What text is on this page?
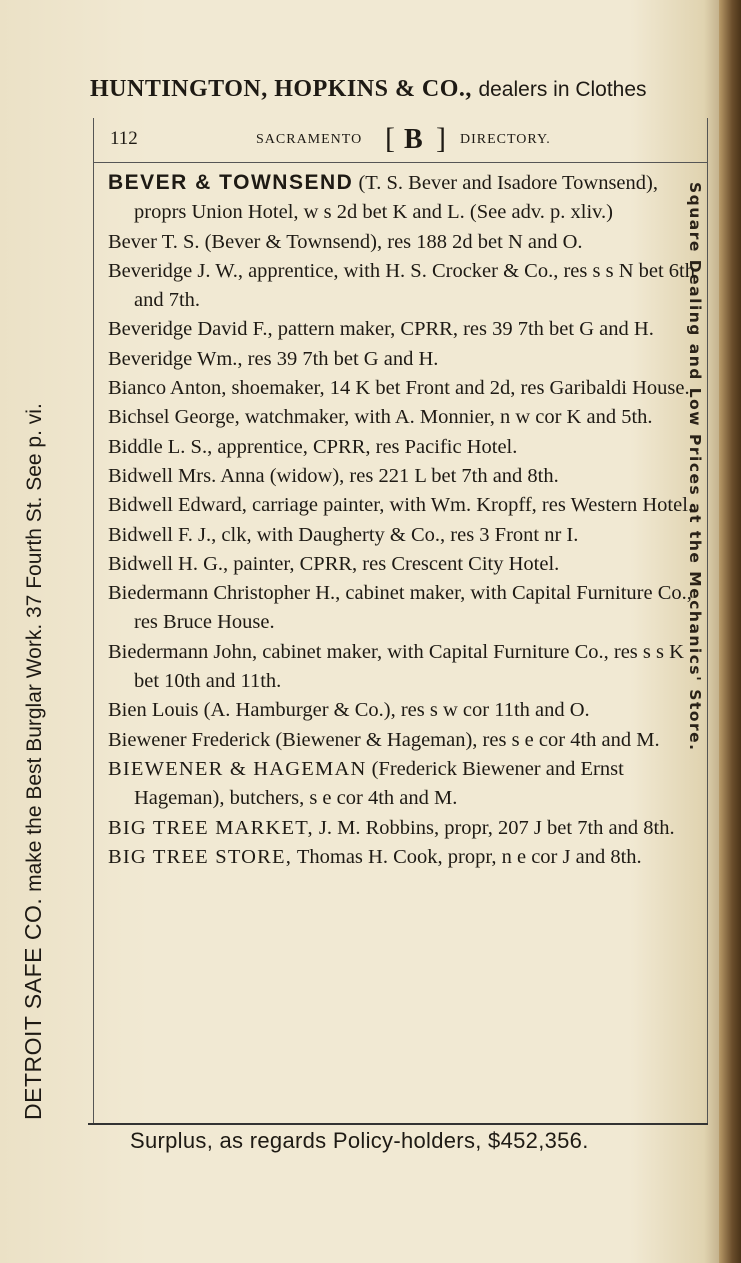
HUNTINGTON, HOPKINS & CO., dealers in Clothes
DETROIT SAFE CO. make the Best Burglar Work. 37 Fourth St. See p. vi.	Square Dealing and Low Prices at the Mechanics' Store.
112	SACRAMENTO [ B ] DIRECTORY.

BEVER & TOWNSEND (T. S. Bever and Isadore Townsend), proprs Union Hotel, w s 2d bet K and L. (See adv. p. xliv.)

Bever T. S. (Bever & Townsend), res 188 2d bet N and O.

Beveridge J. W., apprentice, with H. S. Crocker & Co., res s s N bet 6th and 7th.

Beveridge David F., pattern maker, CPRR, res 39 7th bet G and H.

Beveridge Wm., res 39 7th bet G and H.

Bianco Anton, shoemaker, 14 K bet Front and 2d, res Garibaldi House.

Bichsel George, watchmaker, with A. Monnier, n w cor K and 5th.

Biddle L. S., apprentice, CPRR, res Pacific Hotel.

Bidwell Mrs. Anna (widow), res 221 L bet 7th and 8th.

Bidwell Edward, carriage painter, with Wm. Kropff, res Western Hotel.

Bidwell F. J., clk, with Daugherty & Co., res 3 Front nr I.

Bidwell H. G., painter, CPRR, res Crescent City Hotel.

Biedermann Christopher H., cabinet maker, with Capital Furniture Co., res Bruce House.

Biedermann John, cabinet maker, with Capital Furniture Co., res s s K bet 10th and 11th.

Bien Louis (A. Hamburger & Co.), res s w cor 11th and O.

Biewener Frederick (Biewener & Hageman), res s e cor 4th and M.

BIEWENER & HAGEMAN (Frederick Biewener and Ernst Hageman), butchers, s e cor 4th and M.

BIG TREE MARKET, J. M. Robbins, propr, 207 J bet 7th and 8th.

BIG TREE STORE, Thomas H. Cook, propr, n e cor J and 8th.

Surplus, as regards Policy-holders, $452,356.
